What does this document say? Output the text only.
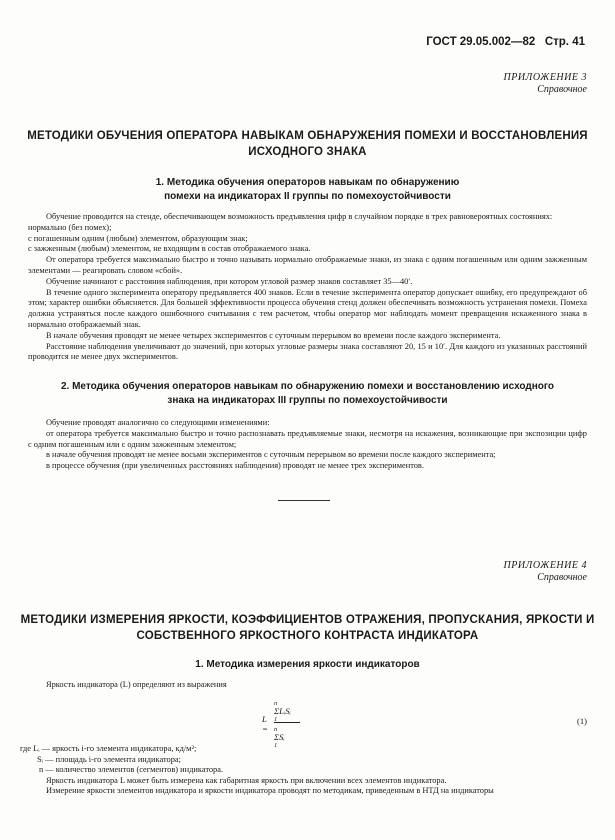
ГОСТ 29.05.002—82 Стр. 41
ПРИЛОЖЕНИЕ 3
Справочное
МЕТОДИКИ ОБУЧЕНИЯ ОПЕРАТОРА НАВЫКАМ ОБНАРУЖЕНИЯ ПОМЕХИ И ВОССТАНОВЛЕНИЯ
ИСХОДНОГО ЗНАКА
1. Методика обучения операторов навыкам по обнаружению
помехи на индикаторах II группы по помехоустойчивости

Обучение проводится на стенде, обеспечивающем возможность предъявления цифр в случайном порядке в трех равновероятных состояниях:

нормально (без помех);

с погашенным одним (любым) элементом, образующим знак;

с зажженным (любым) элементом, не входящим в состав отображаемого знака.

От оператора требуется максимально быстро и точно называть нормально отображаемые знаки, из знака с одним погашенным или одним зажженным элементами — реагировать словом «сбой».

Обучение начинают с расстояния наблюдения, при котором угловой размер знаков составляет 35—40′.

В течение одного эксперимента оператору предъявляется 400 знаков. Если в течение эксперимента оператор допускает ошибку, его предупреждают об этом; характер ошибки объясняется. Для большей эффективности процесса обучения стенд должен обеспечивать возможность устранения помехи. Помеха должна устраняться после каждого ошибочного считывания с тем расчетом, чтобы оператор мог наблюдать момент превращения искаженного знака в нормально отображаемый знак.

В начале обучения проводят не менее четырех экспериментов с суточным перерывом во времени после каждого эксперимента.

Расстояние наблюдения увеличивают до значений, при которых угловые размеры знака составляют 20, 15 и 10′. Для каждого из указанных расстояний проводится не менее двух экспериментов.

2. Методика обучения операторов навыкам по обнаружению помехи и восстановлению исходного
знака на индикаторах III группы по помехоустойчивости

Обучение проводят аналогично со следующими изменениями:

от оператора требуется максимально быстро и точно распознавать предъявляемые знаки, несмотря на искажения, возникающие при экспозиции цифр с одним погашенным или с одним зажженным элементом;

в начале обучения проводят не менее восьми экспериментов с суточным перерывом во времени после каждого эксперимента;

в процессе обучения (при увеличенных расстояниях наблюдения) проводят не менее трех экспериментов.

ПРИЛОЖЕНИЕ 4
Справочное
МЕТОДИКИ ИЗМЕРЕНИЯ ЯРКОСТИ, КОЭФФИЦИЕНТОВ ОТРАЖЕНИЯ, ПРОПУСКАНИЯ, ЯРКОСТИ И
СОБСТВЕННОГО ЯРКОСТНОГО КОНТРАСТА ИНДИКАТОРА
1. Методика измерения яркости индикаторов

Яркость индикатора (L) определяют из выражения

L =
n
ΣLᵢSᵢ
1
n
ΣSᵢ
1
(1)

где Lᵢ — яркость i-го элемента индикатора, кд/м²;

Sᵢ — площадь i-го элемента индикатора;

n — количество элементов (сегментов) индикатора.

Яркость индикатора L может быть измерена как габаритная яркость при включении всех элементов индикатора.

Измерение яркости элементов индикатора и яркости индикатора проводят по методикам, приведенным в НТД на индикаторы
